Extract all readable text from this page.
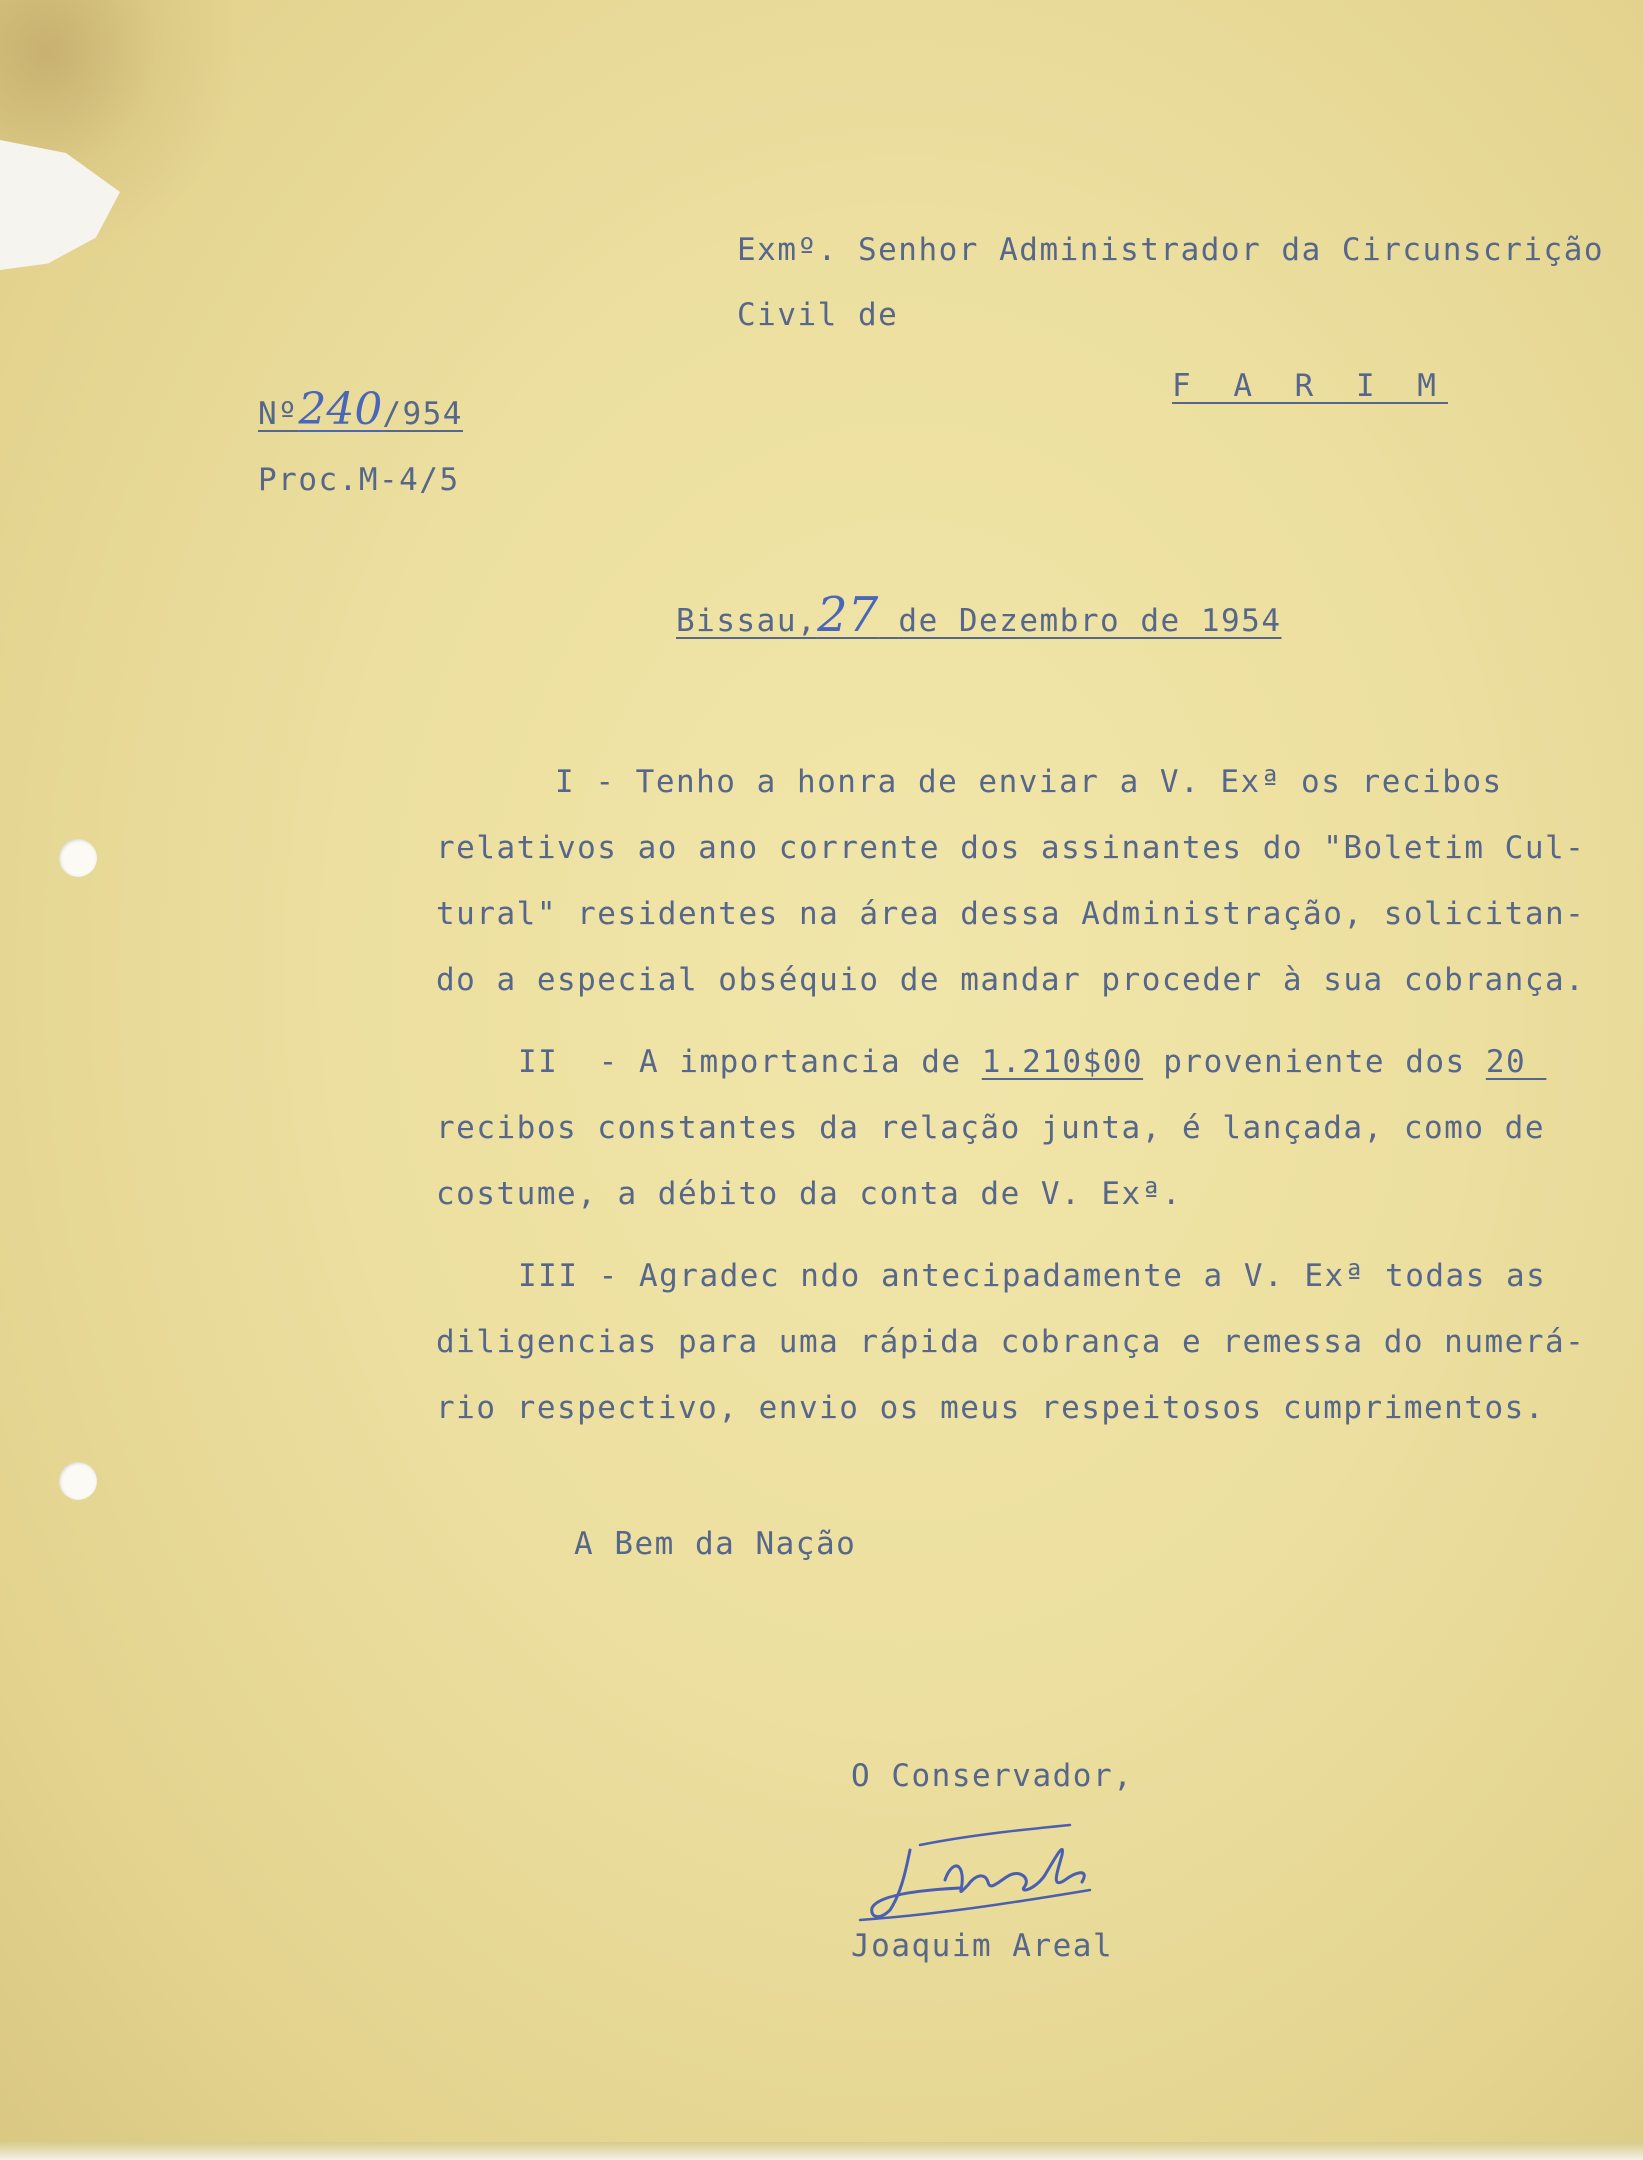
Exmº. Senhor Administrador da Circunscrição
Civil de
F A R I M
Nº240/954
Proc.M-4/5
Bissau,27 de Dezembro de 1954
I - Tenho a honra de enviar a V. Exª os recibos
relativos ao ano corrente dos assinantes do "Boletim Cul-
tural" residentes na área dessa Administração, solicitan-
do a especial obséquio de mandar proceder à sua cobrança.
II  - A importancia de 1.210$00 proveniente dos 20
recibos constantes da relação junta, é lançada, como de
costume, a débito da conta de V. Exª.
III - Agradec ndo antecipadamente a V. Exª todas as
diligencias para uma rápida cobrança e remessa do numerá-
rio respectivo, envio os meus respeitosos cumprimentos.
A Bem da Nação
O Conservador,
Joaquim Areal
